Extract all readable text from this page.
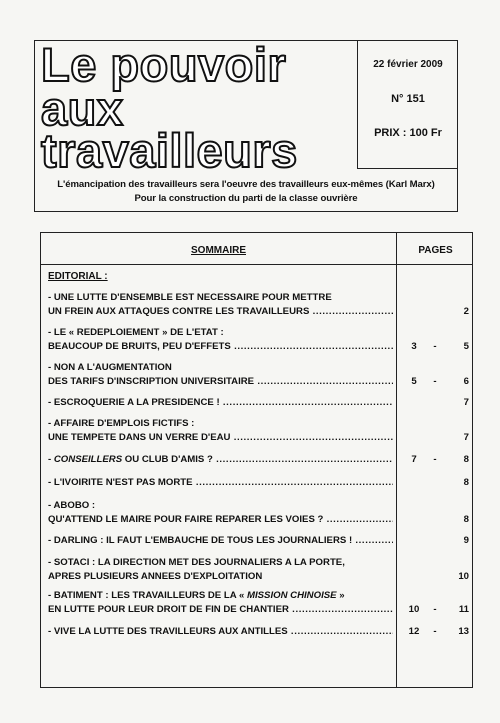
Le pouvoir
aux
travailleurs
22 février 2009
N° 151
PRIX : 100 Fr
L'émancipation des travailleurs sera l'oeuvre des travailleurs eux-mêmes (Karl Marx)
Pour la construction du parti de la classe ouvrière
SOMMAIRE	PAGES
EDITORIAL :
- UNE LUTTE D'ENSEMBLE EST NECESSAIRE POUR METTRE
UN FREIN AUX ATTAQUES CONTRE LES TRAVAILLEURS .....	2
- LE « REDEPLOIEMENT » DE L'ETAT :
BEAUCOUP DE BRUITS, PEU D'EFFETS .....	3	-	5
- NON A L'AUGMENTATION
DES TARIFS D'INSCRIPTION UNIVERSITAIRE .....	5	-	6
- ESCROQUERIE A LA PRESIDENCE ! .....	7
- AFFAIRE D'EMPLOIS FICTIFS :
UNE TEMPETE DANS UN VERRE D'EAU .....	7
- CONSEILLERS OU CLUB D'AMIS ? .....	7	-	8
- L'IVOIRITE N'EST PAS MORTE .....	8
- ABOBO :
QU'ATTEND LE MAIRE POUR FAIRE REPARER LES VOIES ? .....	8
- DARLING : IL FAUT L'EMBAUCHE DE TOUS LES JOURNALIERS ! .....	9
- SOTACI : LA DIRECTION MET DES JOURNALIERS A LA PORTE,
APRES PLUSIEURS ANNEES D'EXPLOITATION	10
- BATIMENT : LES TRAVAILLEURS DE LA « MISSION CHINOISE »
EN LUTTE POUR LEUR DROIT DE FIN DE CHANTIER .....	10	-	11
- VIVE LA LUTTE DES TRAVILLEURS AUX ANTILLES .....	12	-	13
